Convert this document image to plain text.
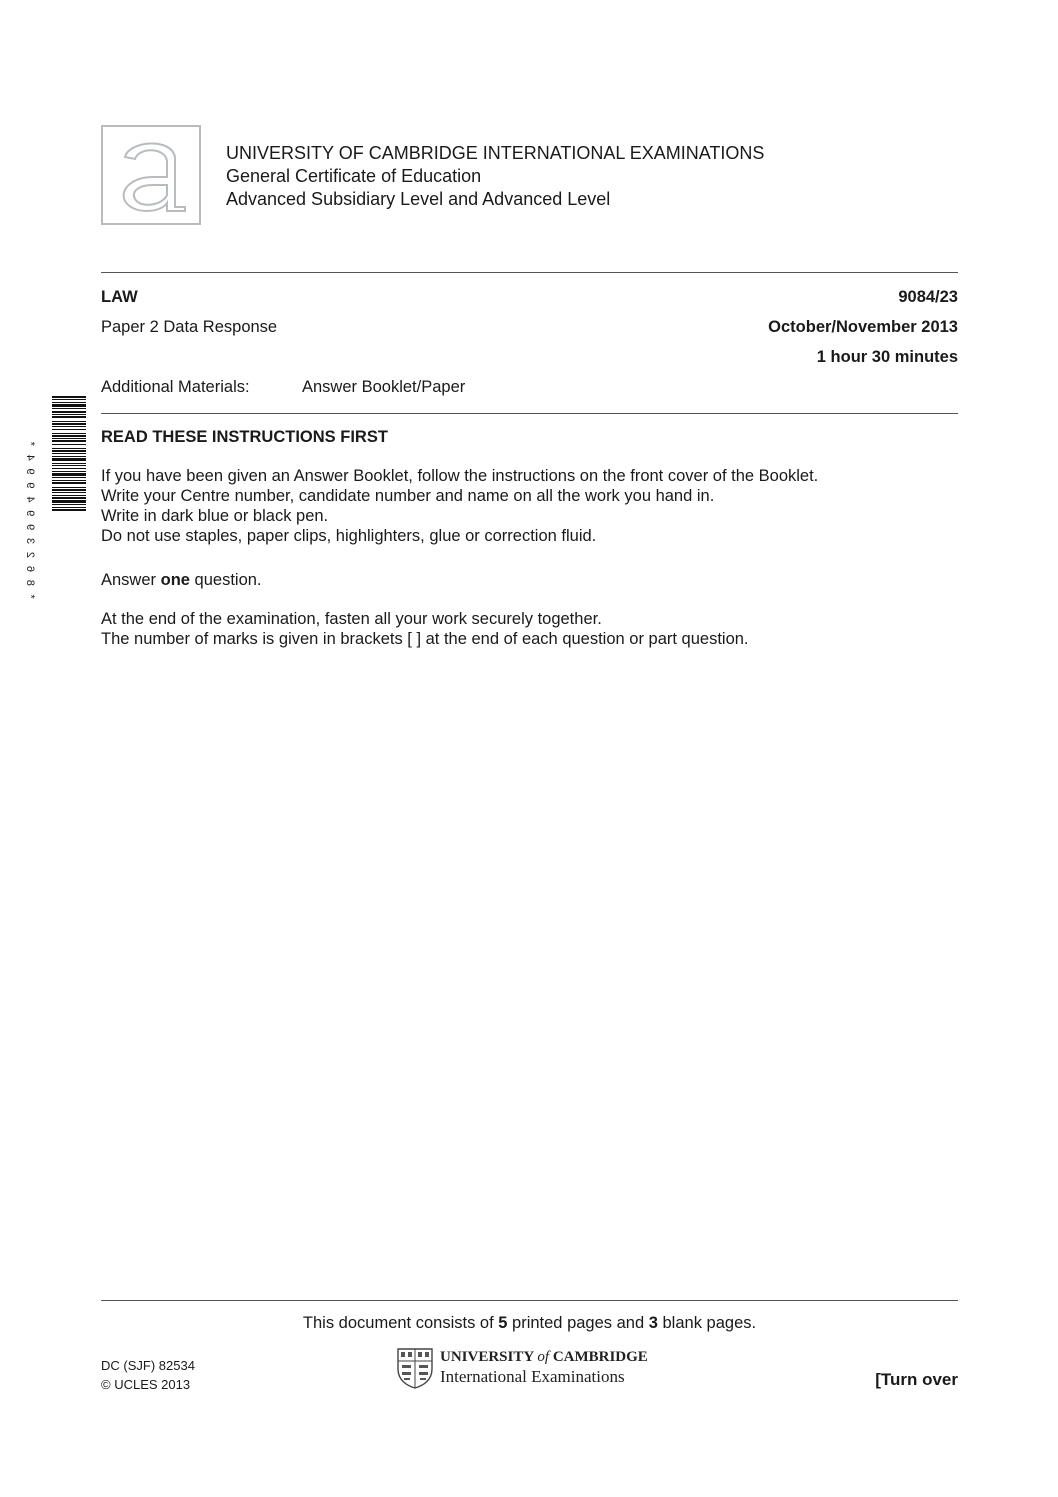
UNIVERSITY OF CAMBRIDGE INTERNATIONAL EXAMINATIONS
General Certificate of Education
Advanced Subsidiary Level and Advanced Level
LAW	9084/23
Paper 2 Data Response	October/November 2013
1 hour 30 minutes
Additional Materials:	Answer Booklet/Paper
*8623994994*	READ THESE INSTRUCTIONS FIRST

If you have been given an Answer Booklet, follow the instructions on the front cover of the Booklet.

Write your Centre number, candidate number and name on all the work you hand in.

Write in dark blue or black pen.

Do not use staples, paper clips, highlighters, glue or correction fluid.

Answer one question.

At the end of the examination, fasten all your work securely together.

The number of marks is given in brackets [ ] at the end of each question or part question.

This document consists of 5 printed pages and 3 blank pages.
DC (SJF) 82534
© UCLES 2013
UNIVERSITY of CAMBRIDGE
International Examinations	[Turn over
